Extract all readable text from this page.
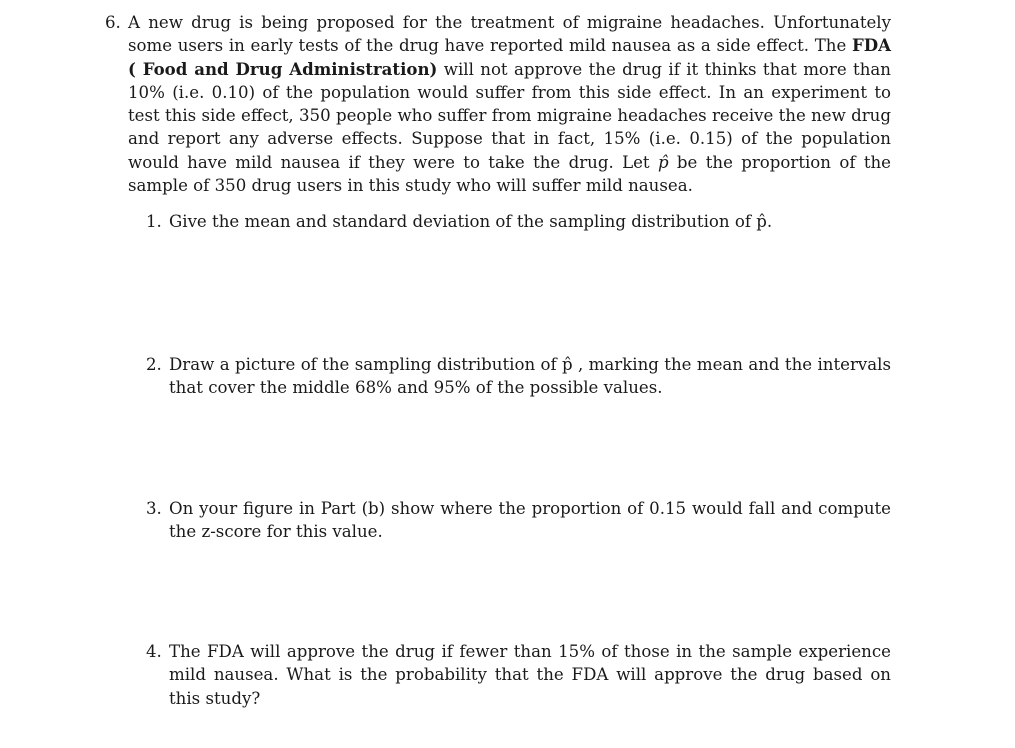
6. A new drug is being proposed for the treatment of migraine headaches. Unfortunately some users in early tests of the drug have reported mild nausea as a side effect. The FDA ( Food and Drug Administration) will not approve the drug if it thinks that more than 10% (i.e. 0.10) of the population would suffer from this side effect. In an experiment to test this side effect, 350 people who suffer from migraine headaches receive the new drug and report any adverse effects. Suppose that in fact, 15% (i.e. 0.15) of the population would have mild nausea if they were to take the drug. Let p̂ be the proportion of the sample of 350 drug users in this study who will suffer mild nausea.

1. Give the mean and standard deviation of the sampling distribution of p̂.
2. Draw a picture of the sampling distribution of p̂ , marking the mean and the intervals that cover the middle 68% and 95% of the possible values.
3. On your figure in Part (b) show where the proportion of 0.15 would fall and compute the z-score for this value.
4. The FDA will approve the drug if fewer than 15% of those in the sample experience mild nausea. What is the probability that the FDA will approve the drug based on this study?
